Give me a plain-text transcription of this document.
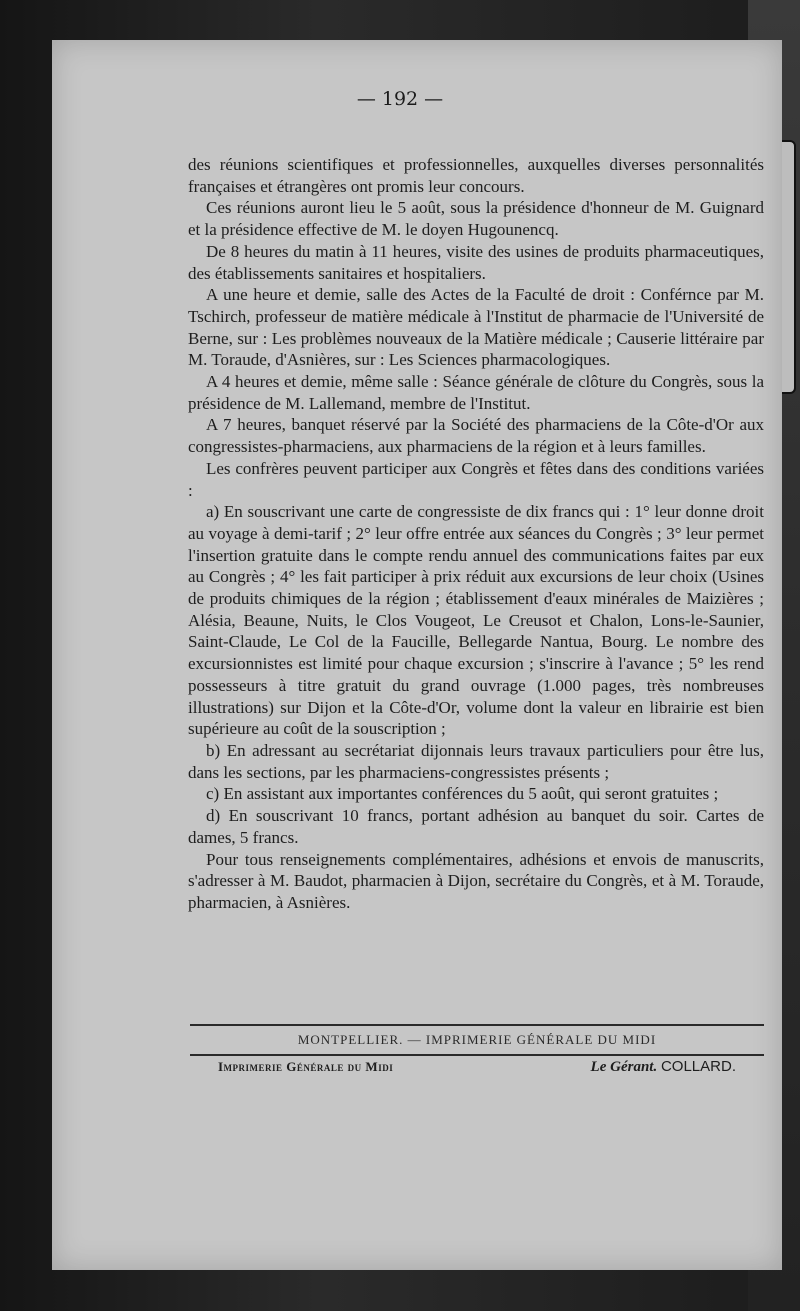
— 192 —

des réunions scientifiques et professionnelles, auxquelles diverses personnalités françaises et étrangères ont promis leur concours.

Ces réunions auront lieu le 5 août, sous la présidence d'honneur de M. Guignard et la présidence effective de M. le doyen Hugounencq.

De 8 heures du matin à 11 heures, visite des usines de produits pharmaceutiques, des établissements sanitaires et hospitaliers.

A une heure et demie, salle des Actes de la Faculté de droit : Conférnce par M. Tschirch, professeur de matière médicale à l'Institut de pharmacie de l'Université de Berne, sur : Les problèmes nouveaux de la Matière médicale ; Causerie littéraire par M. Toraude, d'Asnières, sur : Les Sciences pharmacologiques.

A 4 heures et demie, même salle : Séance générale de clôture du Congrès, sous la présidence de M. Lallemand, membre de l'Institut.

A 7 heures, banquet réservé par la Société des pharmaciens de la Côte-d'Or aux congressistes-pharmaciens, aux pharmaciens de la région et à leurs familles.

Les confrères peuvent participer aux Congrès et fêtes dans des conditions variées :

a) En souscrivant une carte de congressiste de dix francs qui : 1° leur donne droit au voyage à demi-tarif ; 2° leur offre entrée aux séances du Congrès ; 3° leur permet l'insertion gratuite dans le compte rendu annuel des communications faites par eux au Congrès ; 4° les fait participer à prix réduit aux excursions de leur choix (Usines de produits chimiques de la région ; établissement d'eaux minérales de Maizières ; Alésia, Beaune, Nuits, le Clos Vougeot, Le Creusot et Chalon, Lons-le-Saunier, Saint-Claude, Le Col de la Faucille, Bellegarde Nantua, Bourg. Le nombre des excursionnistes est limité pour chaque excursion ; s'inscrire à l'avance ; 5° les rend possesseurs à titre gratuit du grand ouvrage (1.000 pages, très nombreuses illustrations) sur Dijon et la Côte-d'Or, volume dont la valeur en librairie est bien supérieure au coût de la souscription ;

b) En adressant au secrétariat dijonnais leurs travaux particuliers pour être lus, dans les sections, par les pharmaciens-congressistes présents ;

c) En assistant aux importantes conférences du 5 août, qui seront gratuites ;

d) En souscrivant 10 francs, portant adhésion au banquet du soir. Cartes de dames, 5 francs.

Pour tous renseignements complémentaires, adhésions et envois de manuscrits, s'adresser à M. Baudot, pharmacien à Dijon, secrétaire du Congrès, et à M. Toraude, pharmacien, à Asnières.

MONTPELLIER. — IMPRIMERIE GÉNÉRALE DU MIDI
Imprimerie Générale du Midi	Le Gérant. COLLARD.
